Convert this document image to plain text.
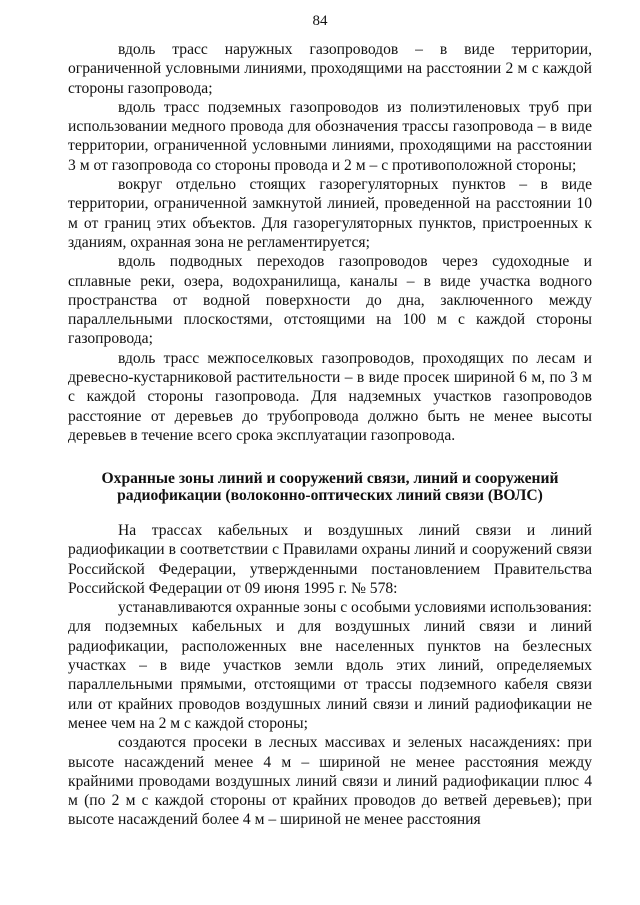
84

вдоль трасс наружных газопроводов – в виде территории, ограниченной условными линиями, проходящими на расстоянии 2 м с каждой стороны газопровода;

вдоль трасс подземных газопроводов из полиэтиленовых труб при использовании медного провода для обозначения трассы газопровода – в виде территории, ограниченной условными линиями, проходящими на расстоянии 3 м от газопровода со стороны провода и 2 м – с противоположной стороны;

вокруг отдельно стоящих газорегуляторных пунктов – в виде территории, ограниченной замкнутой линией, проведенной на расстоянии 10 м от границ этих объектов. Для газорегуляторных пунктов, пристроенных к зданиям, охранная зона не регламентируется;

вдоль подводных переходов газопроводов через судоходные и сплавные реки, озера, водохранилища, каналы – в виде участка водного пространства от водной поверхности до дна, заключенного между параллельными плоскостями, отстоящими на 100 м с каждой стороны газопровода;

вдоль трасс межпоселковых газопроводов, проходящих по лесам и древесно-кустарниковой растительности – в виде просек шириной 6 м, по 3 м с каждой стороны газопровода. Для надземных участков газопроводов расстояние от деревьев до трубопровода должно быть не менее высоты деревьев в течение всего срока эксплуатации газопровода.

Охранные зоны линий и сооружений связи, линий и сооружений радиофикации (волоконно-оптических линий связи (ВОЛС)

На трассах кабельных и воздушных линий связи и линий радиофикации в соответствии с Правилами охраны линий и сооружений связи Российской Федерации, утвержденными постановлением Правительства Российской Федерации от 09 июня 1995 г. № 578:

устанавливаются охранные зоны с особыми условиями использования: для подземных кабельных и для воздушных линий связи и линий радиофикации, расположенных вне населенных пунктов на безлесных участках – в виде участков земли вдоль этих линий, определяемых параллельными прямыми, отстоящими от трассы подземного кабеля связи или от крайних проводов воздушных линий связи и линий радиофикации не менее чем на 2 м с каждой стороны;

создаются просеки в лесных массивах и зеленых насаждениях: при высоте насаждений менее 4 м – шириной не менее расстояния между крайними проводами воздушных линий связи и линий радиофикации плюс 4 м (по 2 м с каждой стороны от крайних проводов до ветвей деревьев); при высоте насаждений более 4 м – шириной не менее расстояния
